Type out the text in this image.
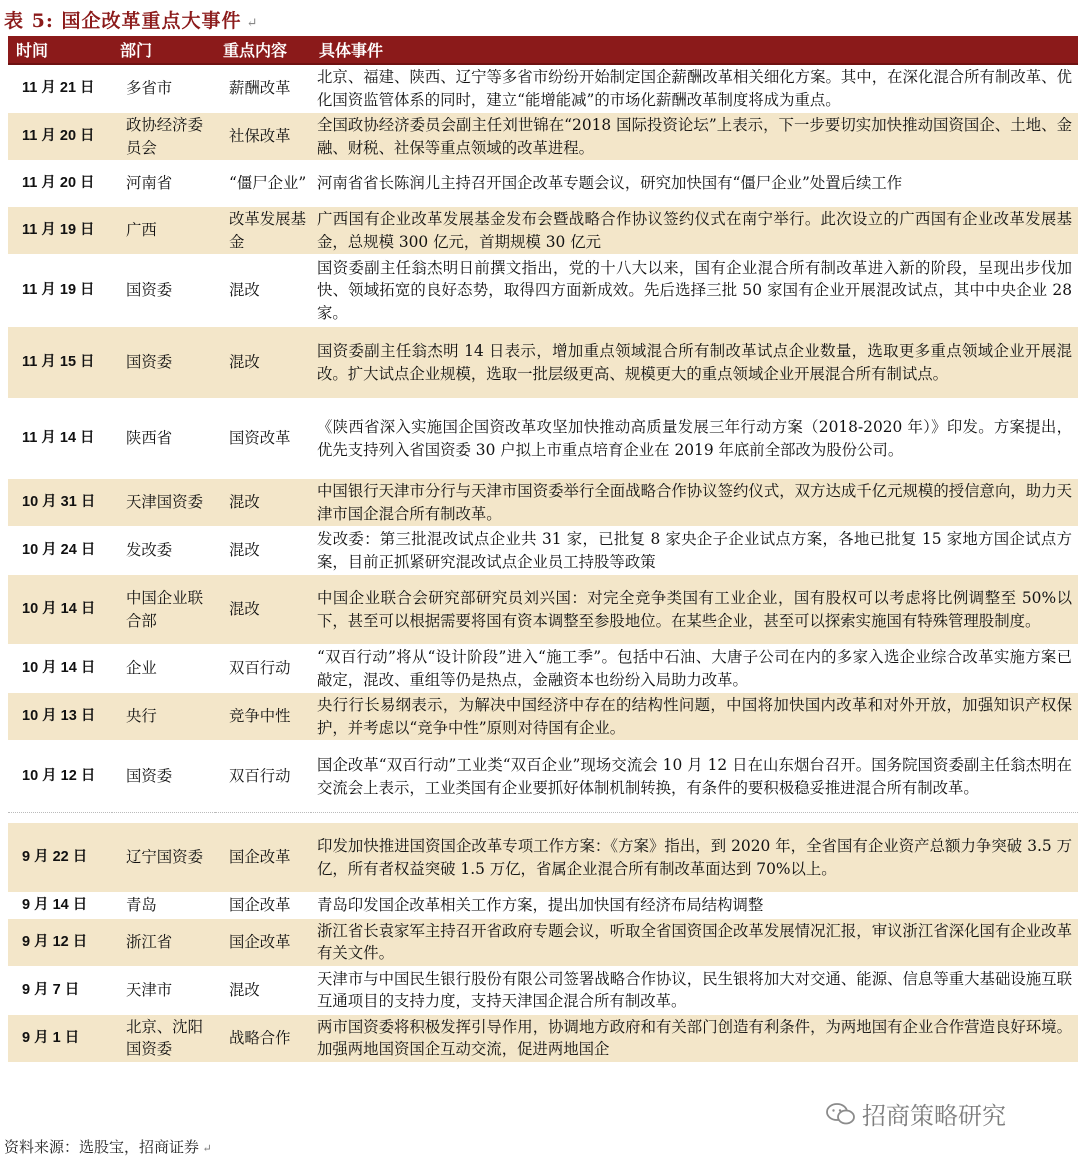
表 5: 国企改革重点大事件 ↵
时间	部门	重点内容	具体事件
11 月 21 日	多省市	薪酬改革	北京、福建、陕西、辽宁等多省市纷纷开始制定国企薪酬改革相关细化方案。其中，在深化混合所有制改革、优化国资监管体系的同时，建立“能增能减”的市场化薪酬改革制度将成为重点。
11 月 20 日	政协经济委员会	社保改革	全国政协经济委员会副主任刘世锦在“2018 国际投资论坛”上表示，下一步要切实加快推动国资国企、土地、金融、财税、社保等重点领域的改革进程。
11 月 20 日	河南省	“僵尸企业”	河南省省长陈润儿主持召开国企改革专题会议，研究加快国有“僵尸企业”处置后续工作
11 月 19 日	广西	改革发展基金	广西国有企业改革发展基金发布会暨战略合作协议签约仪式在南宁举行。此次设立的广西国有企业改革发展基金，总规模 300 亿元，首期规模 30 亿元
11 月 19 日	国资委	混改	国资委副主任翁杰明日前撰文指出，党的十八大以来，国有企业混合所有制改革进入新的阶段，呈现出步伐加快、领域拓宽的良好态势，取得四方面新成效。先后选择三批 50 家国有企业开展混改试点，其中中央企业 28 家。
11 月 15 日	国资委	混改	国资委副主任翁杰明 14 日表示，增加重点领域混合所有制改革试点企业数量，选取更多重点领域企业开展混改。扩大试点企业规模，选取一批层级更高、规模更大的重点领域企业开展混合所有制试点。
11 月 14 日	陕西省	国资改革	《陕西省深入实施国企国资改革攻坚加快推动高质量发展三年行动方案（2018-2020 年）》印发。方案提出，优先支持列入省国资委 30 户拟上市重点培育企业在 2019 年底前全部改为股份公司。
10 月 31 日	天津国资委	混改	中国银行天津市分行与天津市国资委举行全面战略合作协议签约仪式，双方达成千亿元规模的授信意向，助力天津市国企混合所有制改革。
10 月 24 日	发改委	混改	发改委：第三批混改试点企业共 31 家，已批复 8 家央企子企业试点方案，各地已批复 15 家地方国企试点方案，目前正抓紧研究混改试点企业员工持股等政策
10 月 14 日	中国企业联合部	混改	中国企业联合会研究部研究员刘兴国：对完全竞争类国有工业企业，国有股权可以考虑将比例调整至 50%以下，甚至可以根据需要将国有资本调整至参股地位。在某些企业，甚至可以探索实施国有特殊管理股制度。
10 月 14 日	企业	双百行动	“双百行动”将从“设计阶段”进入“施工季”。包括中石油、大唐子公司在内的多家入选企业综合改革实施方案已敲定，混改、重组等仍是热点，金融资本也纷纷入局助力改革。
10 月 13 日	央行	竞争中性	央行行长易纲表示，为解决中国经济中存在的结构性问题，中国将加快国内改革和对外开放，加强知识产权保护，并考虑以“竞争中性”原则对待国有企业。
10 月 12 日	国资委	双百行动	国企改革“双百行动”工业类“双百企业”现场交流会 10 月 12 日在山东烟台召开。国务院国资委副主任翁杰明在交流会上表示，工业类国有企业要抓好体制机制转换，有条件的要积极稳妥推进混合所有制改革。

9 月 22 日	辽宁国资委	国企改革	印发加快推进国资国企改革专项工作方案：《方案》指出，到 2020 年，全省国有企业资产总额力争突破 3.5 万亿，所有者权益突破 1.5 万亿，省属企业混合所有制改革面达到 70%以上。
9 月 14 日	青岛	国企改革	青岛印发国企改革相关工作方案，提出加快国有经济布局结构调整
9 月 12 日	浙江省	国企改革	浙江省长袁家军主持召开省政府专题会议，听取全省国资国企改革发展情况汇报，审议浙江省深化国有企业改革有关文件。
9 月 7 日	天津市	混改	天津市与中国民生银行股份有限公司签署战略合作协议，民生银将加大对交通、能源、信息等重大基础设施互联互通项目的支持力度，支持天津国企混合所有制改革。
9 月 1 日	北京、沈阳国资委	战略合作	两市国资委将积极发挥引导作用，协调地方政府和有关部门创造有利条件，为两地国有企业合作营造良好环境。加强两地国资国企互动交流，促进两地国企
资料来源：选股宝，招商证券 ↵
招商策略研究
